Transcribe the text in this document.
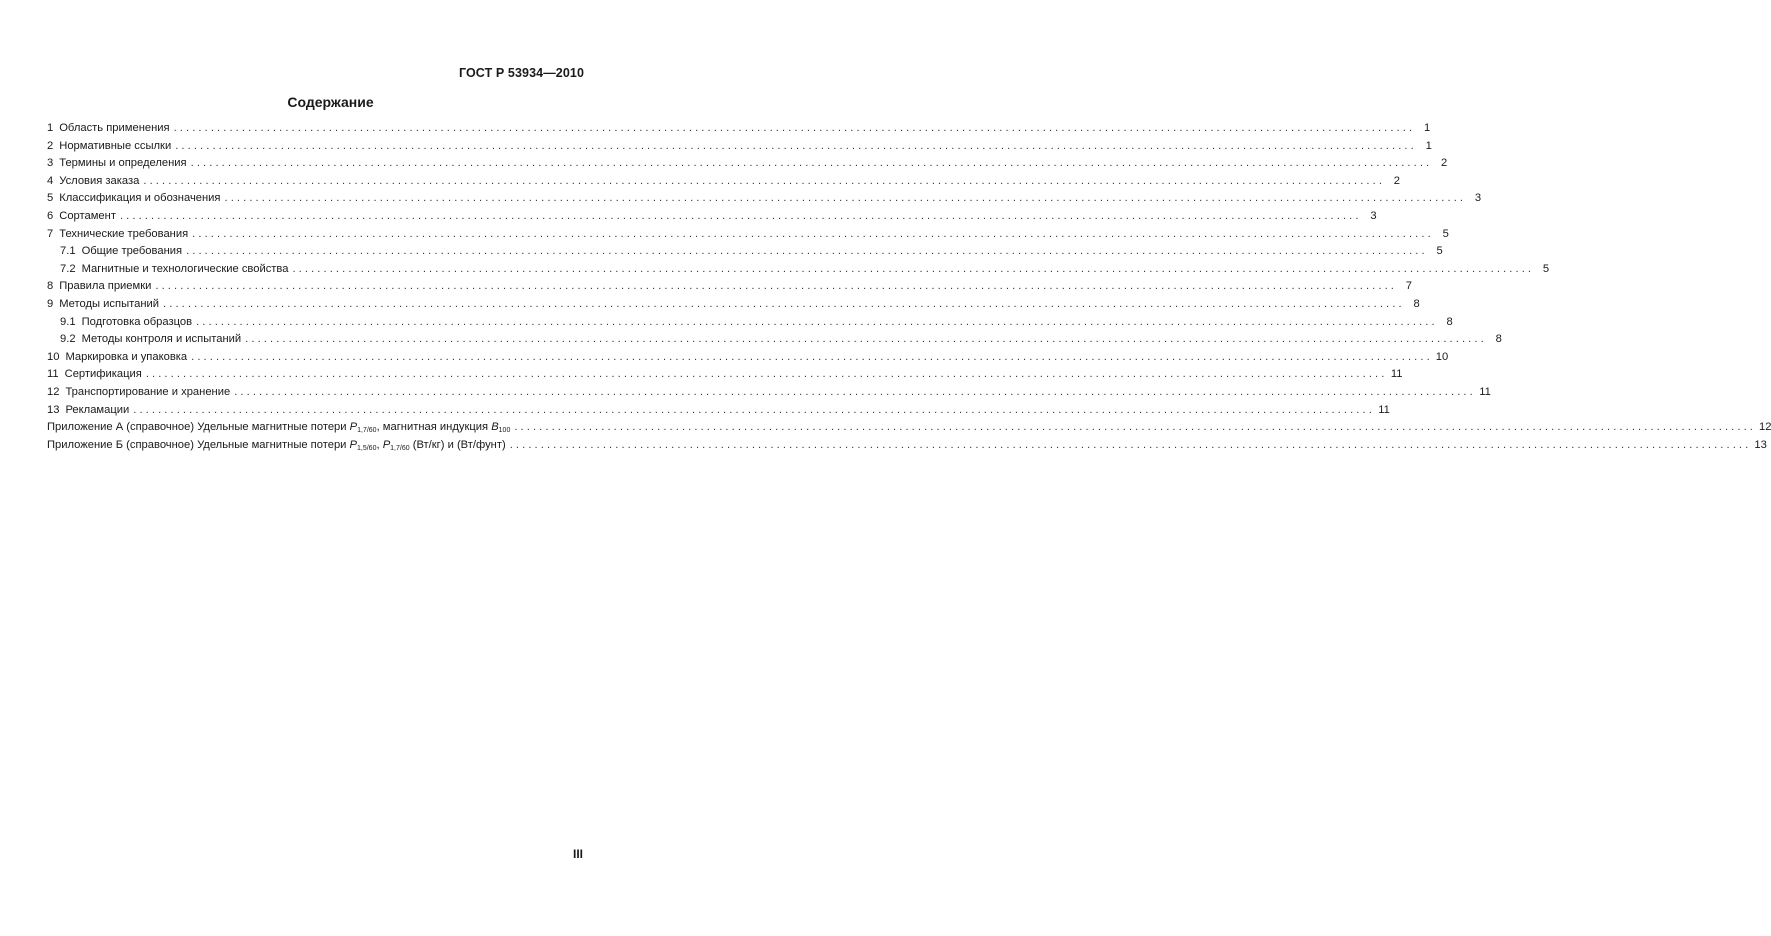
ГОСТ Р 53934—2010
Содержание
1 Область применения ........................................................................................................................................................................................................ 1
2 Нормативные ссылки ........................................................................................................................................................................................................ 1
3 Термины и определения ........................................................................................................................................................................................................ 2
4 Условия заказа ........................................................................................................................................................................................................ 2
5 Классификация и обозначения ........................................................................................................................................................................................................ 3
6 Сортамент ........................................................................................................................................................................................................ 3
7 Технические требования ........................................................................................................................................................................................................ 5
7.1 Общие требования ........................................................................................................................................................................................................ 5
7.2 Магнитные и технологические свойства ........................................................................................................................................................................................................ 5
8 Правила приемки ........................................................................................................................................................................................................ 7
9 Методы испытаний ........................................................................................................................................................................................................ 8
9.1 Подготовка образцов ........................................................................................................................................................................................................ 8
9.2 Методы контроля и испытаний ........................................................................................................................................................................................................ 8
10 Маркировка и упаковка ........................................................................................................................................................................................................ 10
11 Сертификация ........................................................................................................................................................................................................ 11
12 Транспортирование и хранение ........................................................................................................................................................................................................ 11
13 Рекламации ........................................................................................................................................................................................................ 11
Приложение А (справочное) Удельные магнитные потери $P_{1,7/60}$, магнитная индукция $B_{100}$ ........................................................................................................................................................................................................ 12
Приложение Б (справочное) Удельные магнитные потери $P_{1,5/60}$, $P_{1,7/60}$ (Вт/кг) и (Вт/фунт) ........................................................................................................................................................................................................ 13
III
